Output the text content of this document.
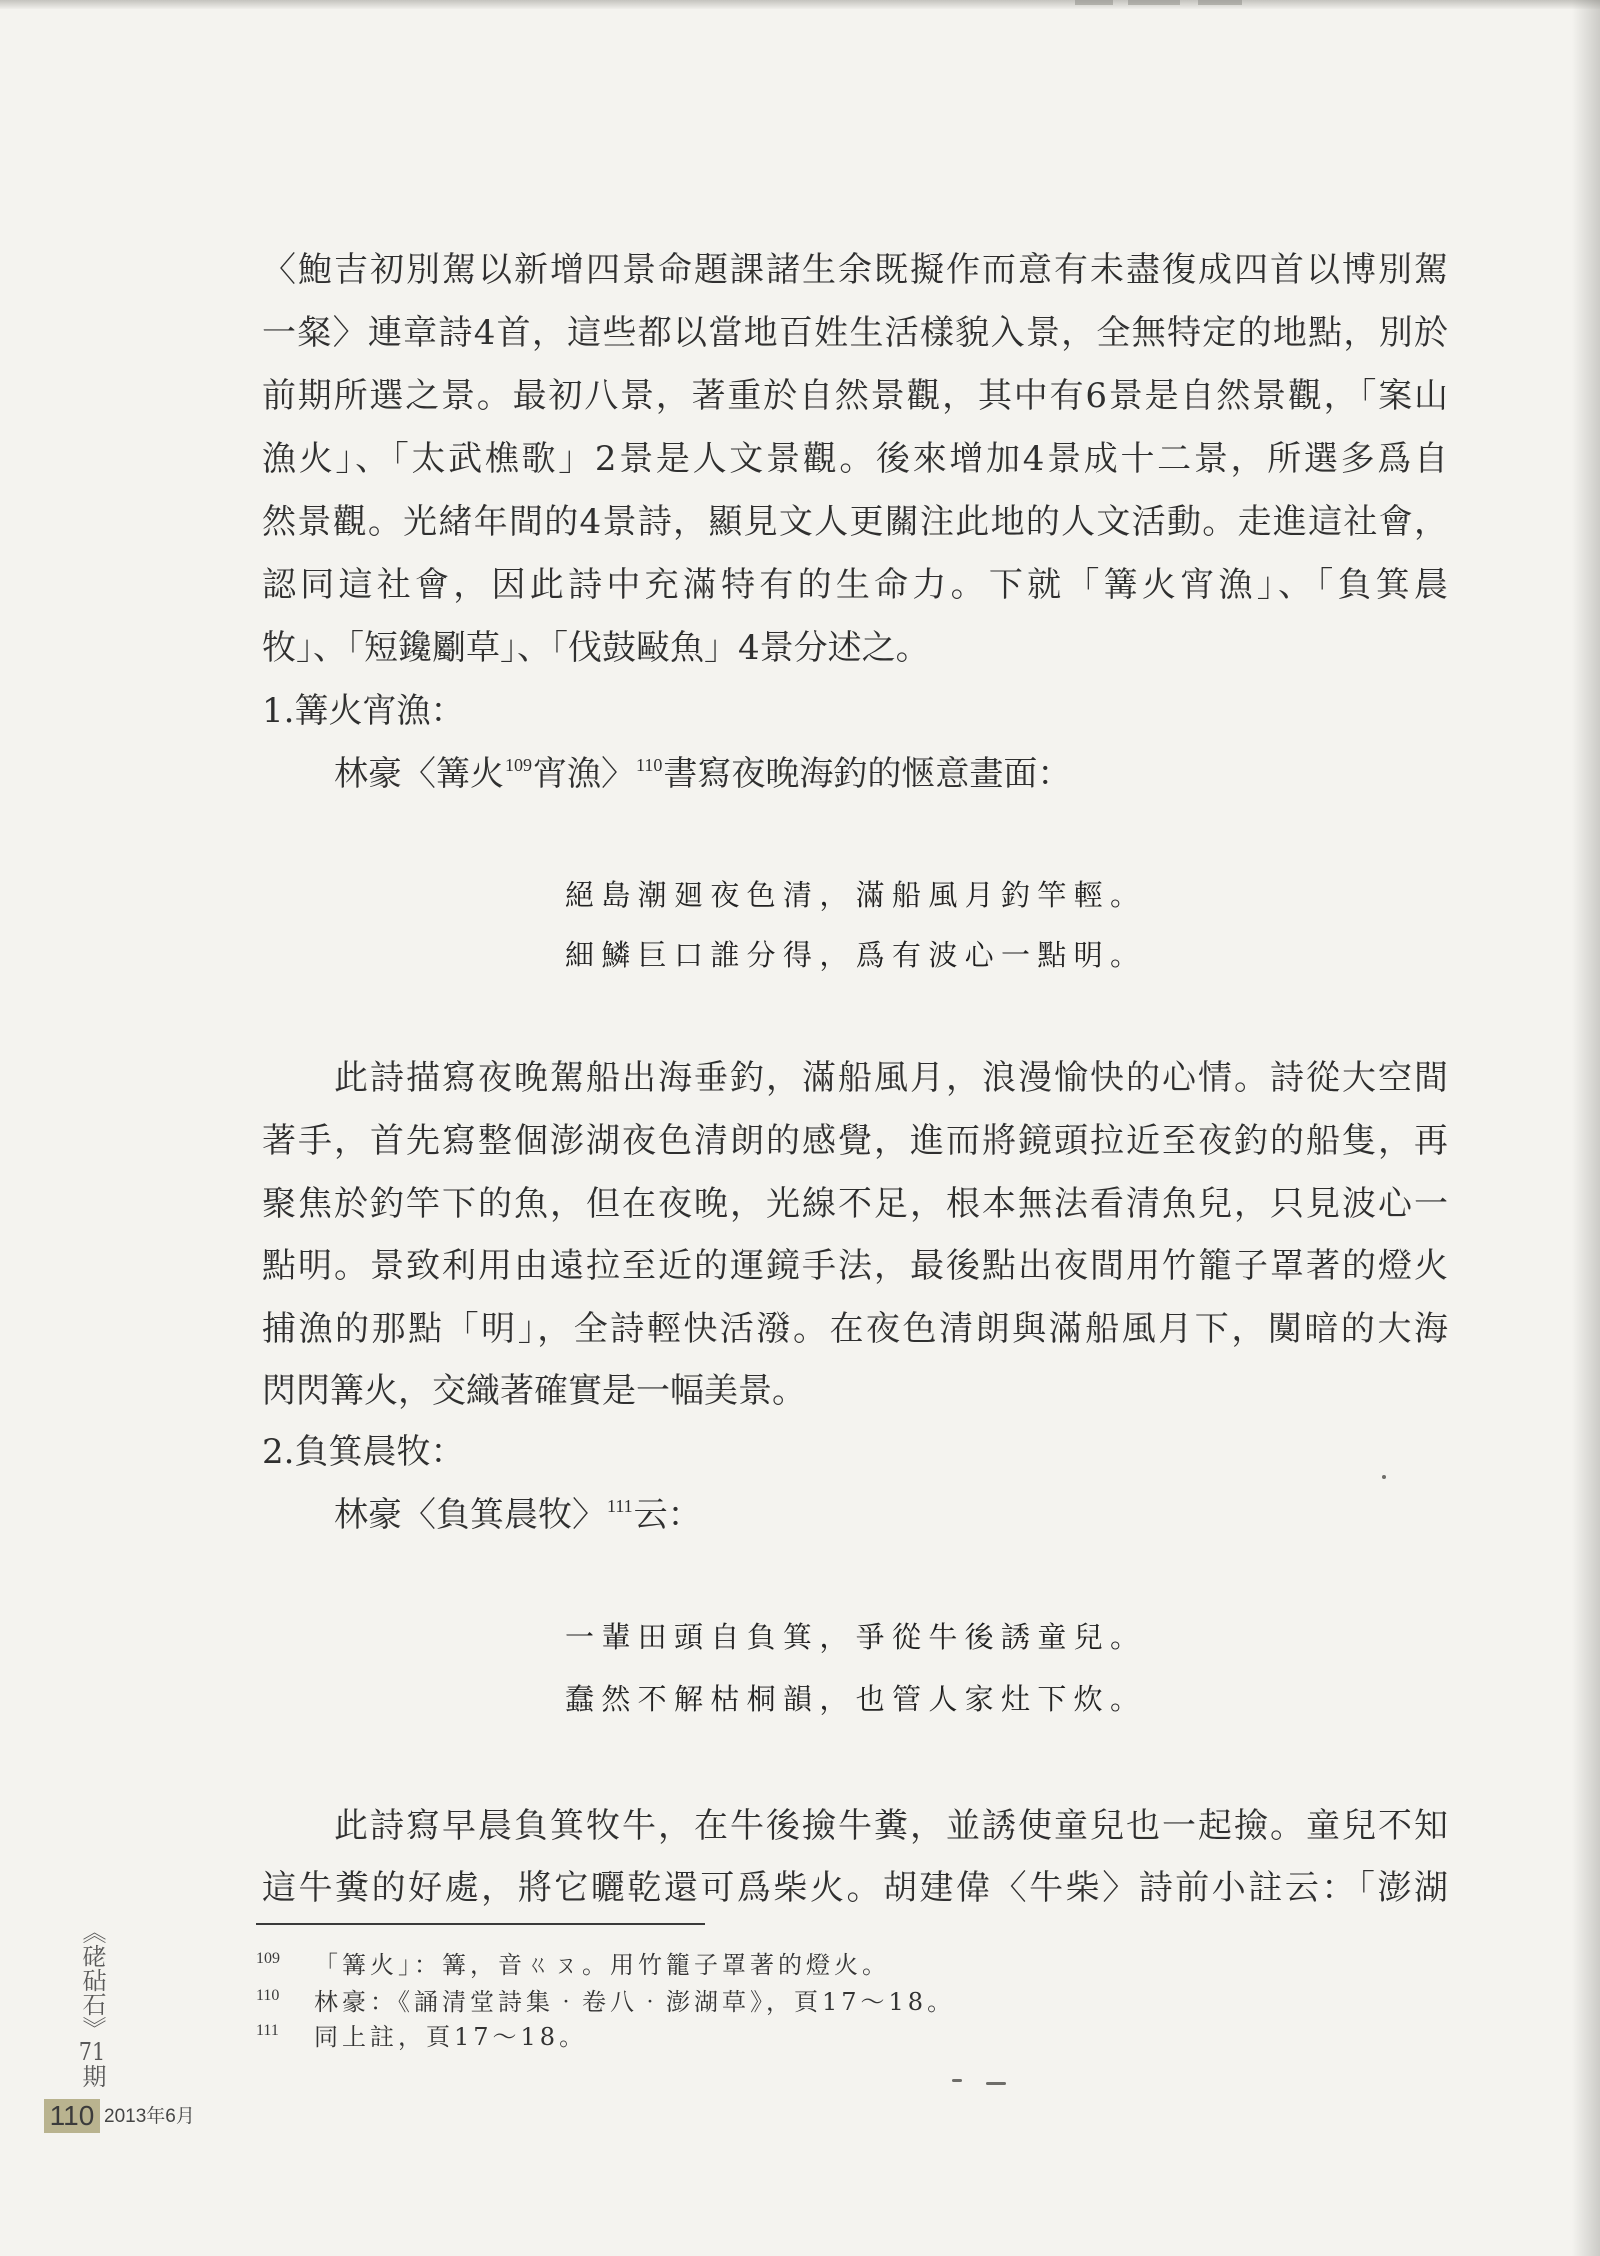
〈鮑吉初別駕以新增四景命題課諸生余既擬作而意有未盡復成四首以博別駕
一粲〉連章詩4首，這些都以當地百姓生活樣貌入景，全無特定的地點，別於
前期所選之景。最初八景，著重於自然景觀，其中有6景是自然景觀，「案山
漁火」、「太武樵歌」2景是人文景觀。後來增加4景成十二景，所選多爲自
然景觀。光緒年間的4景詩，顯見文人更關注此地的人文活動。走進這社會，
認同這社會，因此詩中充滿特有的生命力。下就「篝火宵漁」、「負箕晨
牧」、「短鑱劚草」、「伐鼓敺魚」4景分述之。
1.篝火宵漁：
林豪〈篝火$^{109}$宵漁〉$^{110}$書寫夜晚海釣的愜意畫面：
絕島潮廻夜色清，滿船風月釣竿輕。
細鱗巨口誰分得，爲有波心一點明。
此詩描寫夜晚駕船出海垂釣，滿船風月，浪漫愉快的心情。詩從大空間
著手，首先寫整個澎湖夜色清朗的感覺，進而將鏡頭拉近至夜釣的船隻，再
聚焦於釣竿下的魚，但在夜晚，光線不足，根本無法看清魚兒，只見波心一
點明。景致利用由遠拉至近的運鏡手法，最後點出夜間用竹籠子罩著的燈火
捕漁的那點「明」，全詩輕快活潑。在夜色清朗與滿船風月下，闃暗的大海
閃閃篝火，交織著確實是一幅美景。
2.負箕晨牧：
林豪〈負箕晨牧〉$^{111}$云：
一輩田頭自負箕，爭從牛後誘童兒。
蠢然不解枯桐韻，也管人家灶下炊。
此詩寫早晨負箕牧牛，在牛後撿牛糞，並誘使童兒也一起撿。童兒不知
這牛糞的好處，將它曬乾還可爲柴火。胡建偉〈牛柴〉詩前小註云：「澎湖
109 「篝火」：篝，音ㄍㄡ。用竹籠子罩著的燈火。
110 林豪：《誦清堂詩集‧卷八‧澎湖草》，頁17～18。
111 同上註，頁17～18。
《硓砧石》71期
110 2013年6月
